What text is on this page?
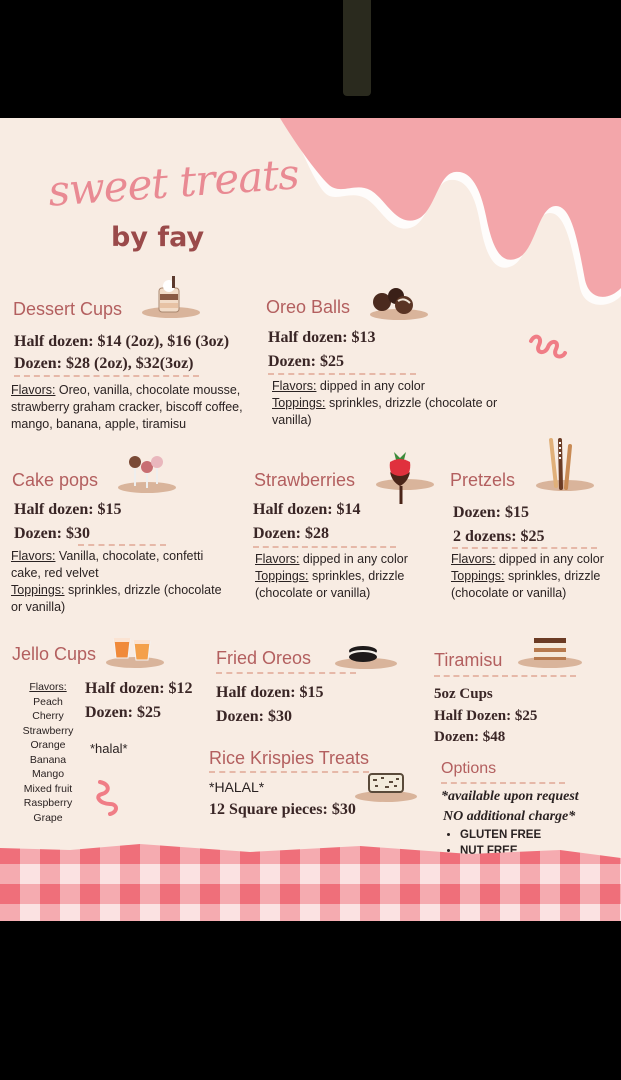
sweet treats
by fay
Dessert Cups
Half dozen: $14 (2oz), $16 (3oz)
Dozen: $28 (2oz), $32(3oz)
Flavors: Oreo, vanilla, chocolate mousse, strawberry graham cracker, biscoff coffee, mango, banana, apple, tiramisu
Oreo Balls
Half dozen: $13
Dozen: $25
Flavors: dipped in any color
Toppings: sprinkles, drizzle (chocolate or vanilla)
Cake pops
Half dozen: $15
Dozen: $30
Flavors: Vanilla, chocolate, confetti cake, red velvet
Toppings: sprinkles, drizzle (chocolate or vanilla)
Strawberries
Half dozen: $14
Dozen: $28
Flavors: dipped in any color
Toppings: sprinkles, drizzle (chocolate or vanilla)
Pretzels
Dozen: $15
2 dozens: $25
Flavors: dipped in any color
Toppings: sprinkles, drizzle (chocolate or vanilla)
Jello Cups
Flavors:
Peach
Cherry
Strawberry
Orange
Banana
Mango
Mixed fruit
Raspberry
Grape
Half dozen: $12
Dozen: $25
*halal*
Fried Oreos
Half dozen: $15
Dozen: $30
Rice Krispies Treats
*HALAL*
12 Square pieces: $30
Tiramisu
5oz Cups
Half Dozen: $25
Dozen: $48
Options
*available upon request
NO additional charge*
• GLUTEN FREE
• NUT FREE
